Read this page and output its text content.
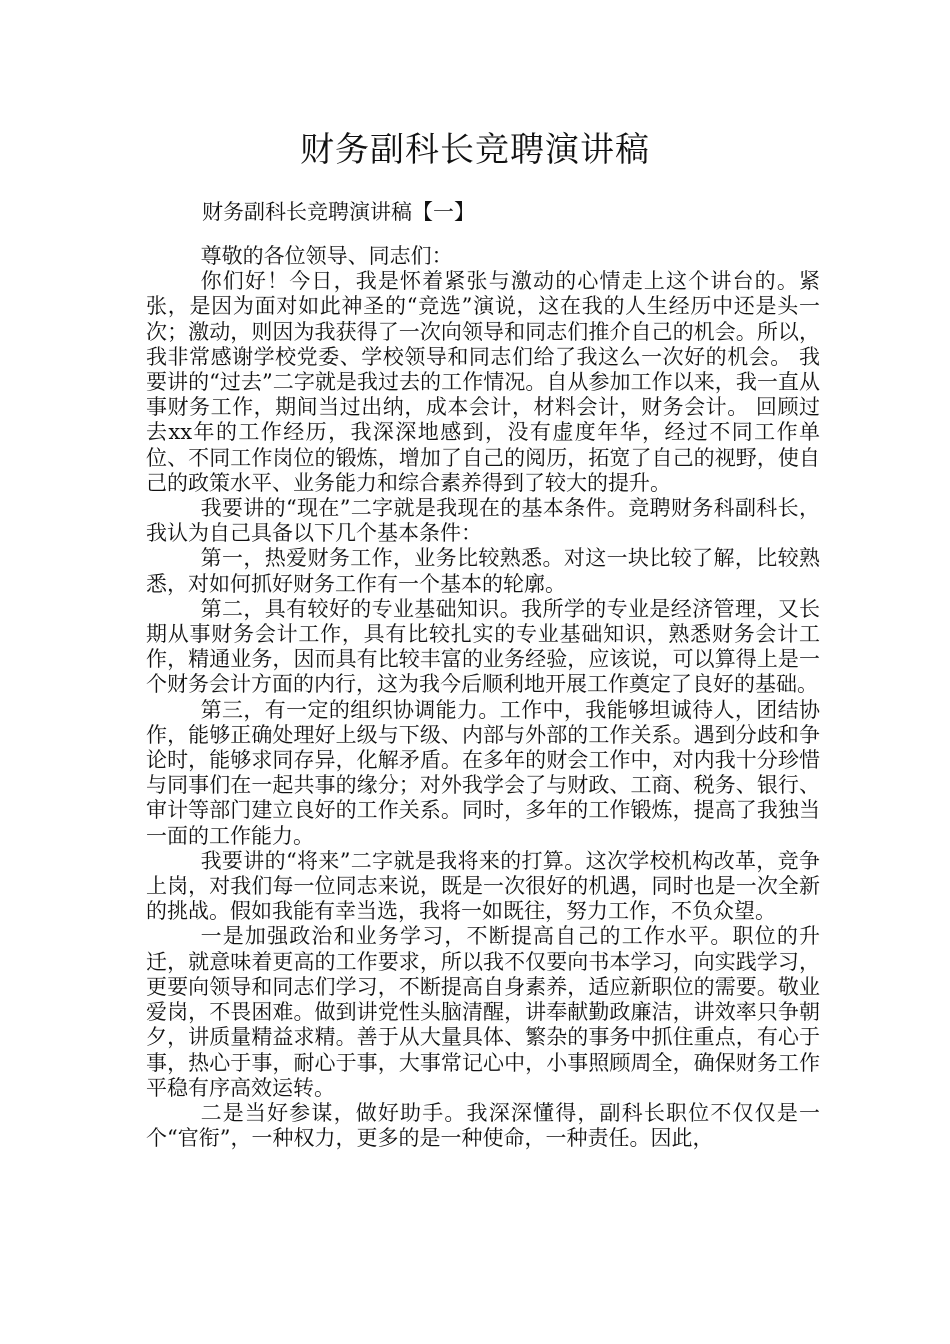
财务副科长竞聘演讲稿
财务副科长竞聘演讲稿【一】

尊敬的各位领导、同志们：

你们好！今日，我是怀着紧张与激动的心情走上这个讲台的。紧张，是因为面对如此神圣的“竞选”演说，这在我的人生经历中还是头一次；激动，则因为我获得了一次向领导和同志们推介自己的机会。所以，我非常感谢学校党委、学校领导和同志们给了我这么一次好的机会。 我要讲的“过去”二字就是我过去的工作情况。自从参加工作以来，我一直从事财务工作，期间当过出纳，成本会计，材料会计，财务会计。 回顾过去xx年的工作经历，我深深地感到，没有虚度年华，经过不同工作单位、不同工作岗位的锻炼，增加了自己的阅历，拓宽了自己的视野，使自己的政策水平、业务能力和综合素养得到了较大的提升。

我要讲的“现在”二字就是我现在的基本条件。竞聘财务科副科长，我认为自己具备以下几个基本条件：

第一，热爱财务工作，业务比较熟悉。对这一块比较了解，比较熟悉，对如何抓好财务工作有一个基本的轮廓。

第二，具有较好的专业基础知识。我所学的专业是经济管理，又长期从事财务会计工作，具有比较扎实的专业基础知识，熟悉财务会计工作，精通业务，因而具有比较丰富的业务经验，应该说，可以算得上是一个财务会计方面的内行，这为我今后顺利地开展工作奠定了良好的基础。

第三，有一定的组织协调能力。工作中，我能够坦诚待人，团结协作，能够正确处理好上级与下级、内部与外部的工作关系。遇到分歧和争论时，能够求同存异，化解矛盾。在多年的财会工作中，对内我十分珍惜与同事们在一起共事的缘分；对外我学会了与财政、工商、税务、银行、审计等部门建立良好的工作关系。同时，多年的工作锻炼，提高了我独当一面的工作能力。

我要讲的“将来”二字就是我将来的打算。这次学校机构改革，竞争上岗，对我们每一位同志来说，既是一次很好的机遇，同时也是一次全新的挑战。假如我能有幸当选，我将一如既往，努力工作，不负众望。

一是加强政治和业务学习，不断提高自己的工作水平。职位的升迁，就意味着更高的工作要求，所以我不仅要向书本学习，向实践学习，更要向领导和同志们学习，不断提高自身素养，适应新职位的需要。敬业爱岗，不畏困难。做到讲党性头脑清醒，讲奉献勤政廉洁，讲效率只争朝夕，讲质量精益求精。善于从大量具体、繁杂的事务中抓住重点，有心于事，热心于事，耐心于事，大事常记心中，小事照顾周全，确保财务工作平稳有序高效运转。

二是当好参谋，做好助手。我深深懂得，副科长职位不仅仅是一个“官衔”，一种权力，更多的是一种使命，一种责任。因此，
